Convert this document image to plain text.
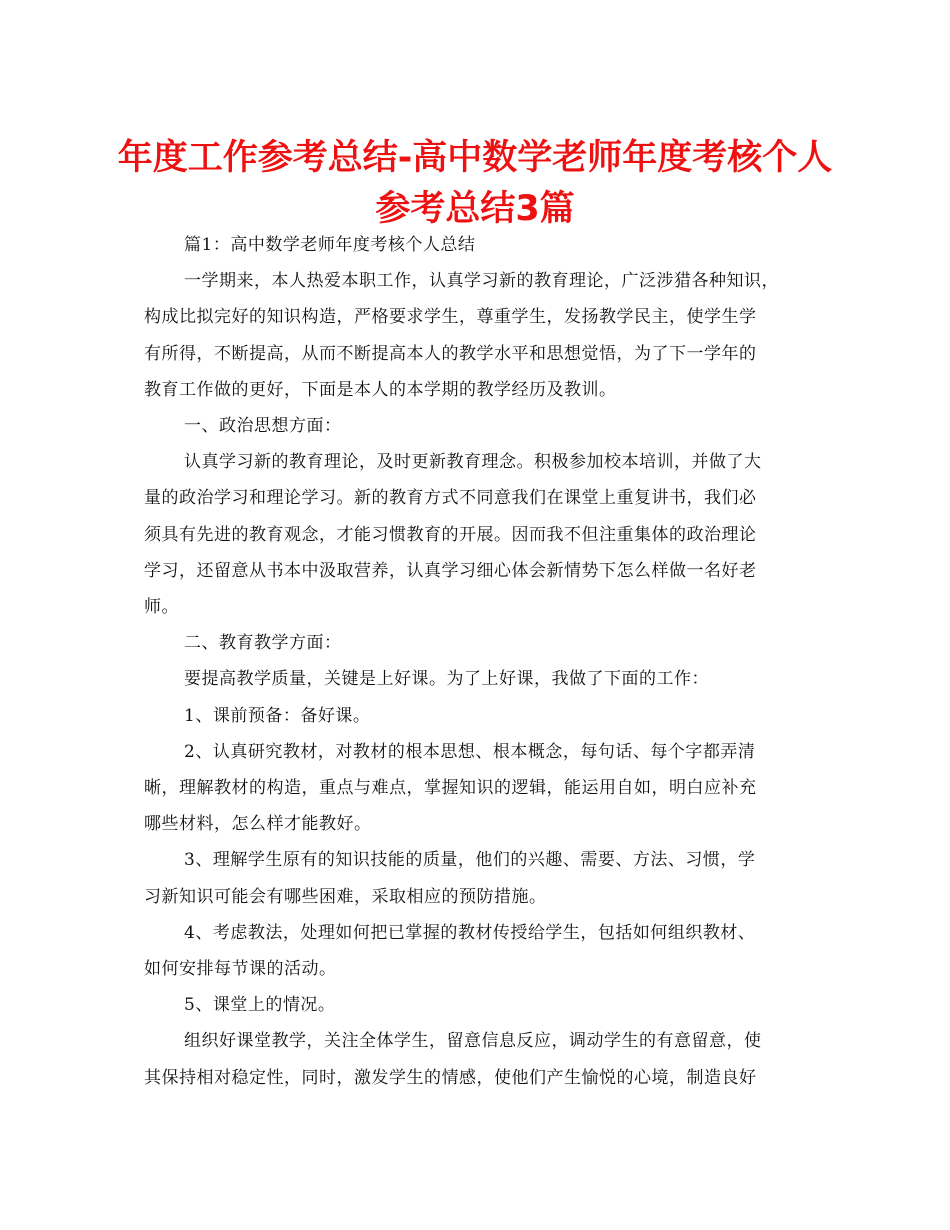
年度工作参考总结-高中数学老师年度考核个人
参考总结3篇
篇1：高中数学老师年度考核个人总结
一学期来，本人热爱本职工作，认真学习新的教育理论，广泛涉猎各种知识，
构成比拟完好的知识构造，严格要求学生，尊重学生，发扬教学民主，使学生学
有所得，不断提高，从而不断提高本人的教学水平和思想觉悟，为了下一学年的
教育工作做的更好，下面是本人的本学期的教学经历及教训。
一、政治思想方面：
认真学习新的教育理论，及时更新教育理念。积极参加校本培训，并做了大
量的政治学习和理论学习。新的教育方式不同意我们在课堂上重复讲书，我们必
须具有先进的教育观念，才能习惯教育的开展。因而我不但注重集体的政治理论
学习，还留意从书本中汲取营养，认真学习细心体会新情势下怎么样做一名好老
师。
二、教育教学方面：
要提高教学质量，关键是上好课。为了上好课，我做了下面的工作：
1、课前预备：备好课。
2、认真研究教材，对教材的根本思想、根本概念，每句话、每个字都弄清
晰，理解教材的构造，重点与难点，掌握知识的逻辑，能运用自如，明白应补充
哪些材料，怎么样才能教好。
3、理解学生原有的知识技能的质量，他们的兴趣、需要、方法、习惯，学
习新知识可能会有哪些困难，采取相应的预防措施。
4、考虑教法，处理如何把已掌握的教材传授给学生，包括如何组织教材、
如何安排每节课的活动。
5、课堂上的情况。
组织好课堂教学，关注全体学生，留意信息反应，调动学生的有意留意，使
其保持相对稳定性，同时，激发学生的情感，使他们产生愉悦的心境，制造良好
